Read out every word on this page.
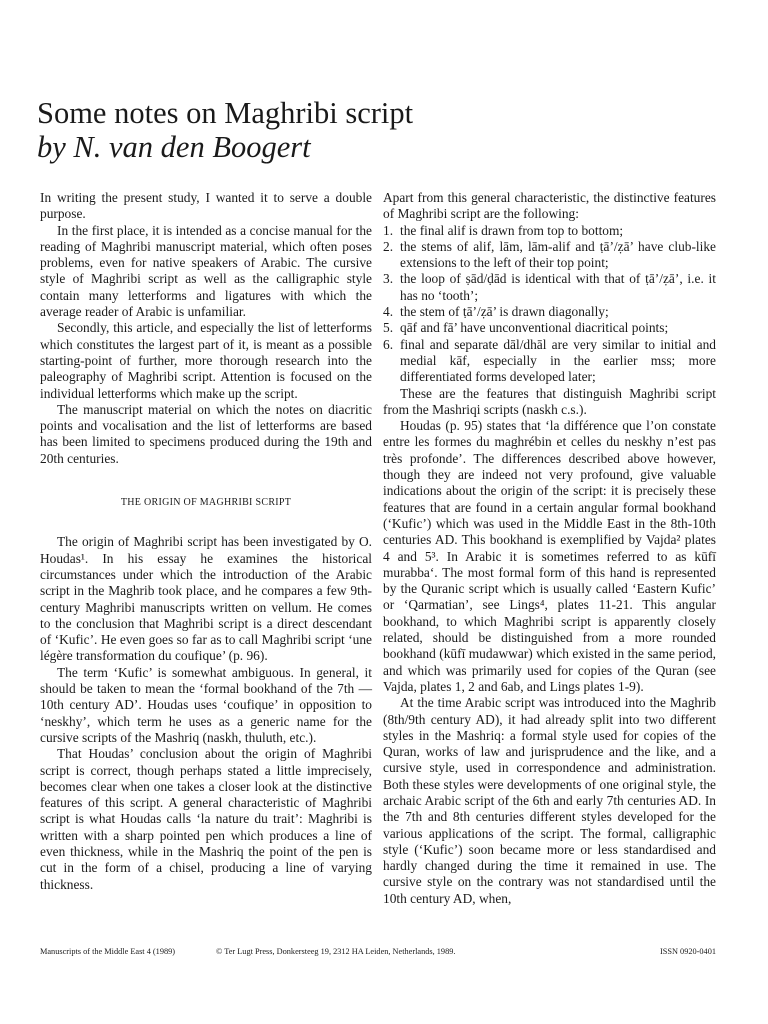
Some notes on Maghribi script
by N. van den Boogert

In writing the present study, I wanted it to serve a double purpose.

In the first place, it is intended as a concise manual for the reading of Maghribi manuscript material, which often poses problems, even for native speakers of Arabic. The cursive style of Maghribi script as well as the calligraphic style contain many letterforms and ligatures with which the average reader of Arabic is unfamiliar.

Secondly, this article, and especially the list of letterforms which constitutes the largest part of it, is meant as a possible starting-point of further, more thorough research into the paleography of Maghribi script. Attention is focused on the individual letterforms which make up the script.

The manuscript material on which the notes on diacritic points and vocalisation and the list of letterforms are based has been limited to specimens produced during the 19th and 20th centuries.

THE ORIGIN OF MAGHRIBI SCRIPT

The origin of Maghribi script has been investigated by O. Houdas¹. In his essay he examines the historical circumstances under which the introduction of the Arabic script in the Maghrib took place, and he compares a few 9th-century Maghribi manuscripts written on vellum. He comes to the conclusion that Maghribi script is a direct descendant of ‘Kufic’. He even goes so far as to call Maghribi script ‘une légère transformation du coufique’ (p. 96).

The term ‘Kufic’ is somewhat ambiguous. In general, it should be taken to mean the ‘formal bookhand of the 7th — 10th century AD’. Houdas uses ‘coufique’ in opposition to ‘neskhy’, which term he uses as a generic name for the cursive scripts of the Mashriq (naskh, thuluth, etc.).

That Houdas’ conclusion about the origin of Maghribi script is correct, though perhaps stated a little imprecisely, becomes clear when one takes a closer look at the distinctive features of this script. A general characteristic of Maghribi script is what Houdas calls ‘la nature du trait’: Maghribi is written with a sharp pointed pen which produces a line of even thickness, while in the Mashriq the point of the pen is cut in the form of a chisel, producing a line of varying thickness.

Apart from this general characteristic, the distinctive features of Maghribi script are the following:

1. the final alif is drawn from top to bottom;
2. the stems of alif, lām, lām-alif and ṭā’/ẓā’ have club-like extensions to the left of their top point;
3. the loop of ṣād/ḍād is identical with that of ṭā’/ẓā’, i.e. it has no ‘tooth’;
4. the stem of ṭā’/ẓā’ is drawn diagonally;
5. qāf and fā’ have unconventional diacritical points;
6. final and separate dāl/dhāl are very similar to initial and medial kāf, especially in the earlier mss; more differentiated forms developed later;

These are the features that distinguish Maghribi script from the Mashriqi scripts (naskh c.s.).

Houdas (p. 95) states that ‘la différence que l’on constate entre les formes du maghrébin et celles du neskhy n’est pas très profonde’. The differences described above however, though they are indeed not very profound, give valuable indications about the origin of the script: it is precisely these features that are found in a certain angular formal bookhand (‘Kufic’) which was used in the Middle East in the 8th-10th centuries AD. This bookhand is exemplified by Vajda² plates 4 and 5³. In Arabic it is sometimes referred to as kūfī murabba‘. The most formal form of this hand is represented by the Quranic script which is usually called ‘Eastern Kufic’ or ‘Qarmatian’, see Lings⁴, plates 11-21. This angular bookhand, to which Maghribi script is apparently closely related, should be distinguished from a more rounded bookhand (kūfī mudawwar) which existed in the same period, and which was primarily used for copies of the Quran (see Vajda, plates 1, 2 and 6ab, and Lings plates 1-9).

At the time Arabic script was introduced into the Maghrib (8th/9th century AD), it had already split into two different styles in the Mashriq: a formal style used for copies of the Quran, works of law and jurisprudence and the like, and a cursive style, used in correspondence and administration. Both these styles were developments of one original style, the archaic Arabic script of the 6th and early 7th centuries AD. In the 7th and 8th centuries different styles developed for the various applications of the script. The formal, calligraphic style (‘Kufic’) soon became more or less standardised and hardly changed during the time it remained in use. The cursive style on the contrary was not standardised until the 10th century AD, when,

Manuscripts of the Middle East 4 (1989)	© Ter Lugt Press, Donkersteeg 19, 2312 HA Leiden, Netherlands, 1989.	ISSN 0920-0401
